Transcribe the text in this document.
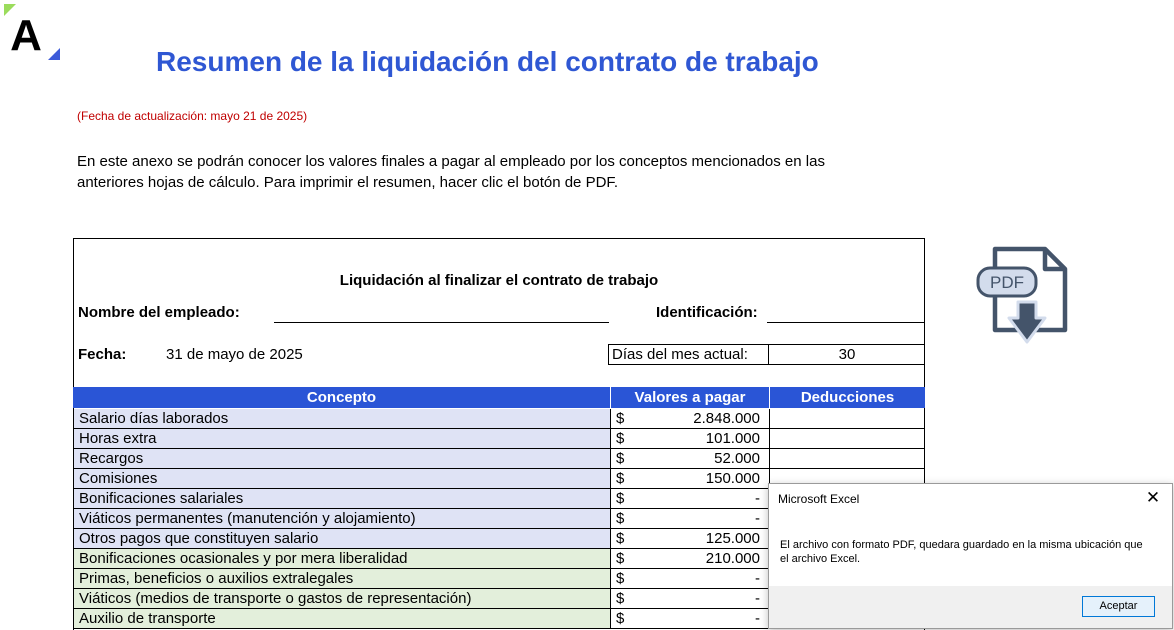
A
Resumen de la liquidación del contrato de trabajo
(Fecha de actualización: mayo 21 de 2025)
En este anexo se podrán conocer los valores finales a pagar al empleado por los conceptos mencionados en las anteriores hojas de cálculo. Para imprimir el resumen, hacer clic el botón de PDF.
Liquidación al finalizar el contrato de trabajo
Nombre del empleado:	Identificación:
Fecha:	31 de mayo de 2025	Días del mes actual:	30
Concepto	Valores a pagar	Deducciones
Salario días laborados	$	2.848.000
Horas extra	$	101.000
Recargos	$	52.000
Comisiones	$	150.000
Bonificaciones salariales	$	-
Viáticos permanentes (manutención y alojamiento)	$	-
Otros pagos que constituyen salario	$	125.000
Bonificaciones ocasionales y por mera liberalidad	$	210.000
Primas, beneficios o auxilios extralegales	$	-
Viáticos (medios de transporte o gastos de representación)	$	-
Auxilio de transporte	$	-
PDF
Microsoft Excel	✕
El archivo con formato PDF, quedara guardado en la misma ubicación que el archivo Excel.
Aceptar
